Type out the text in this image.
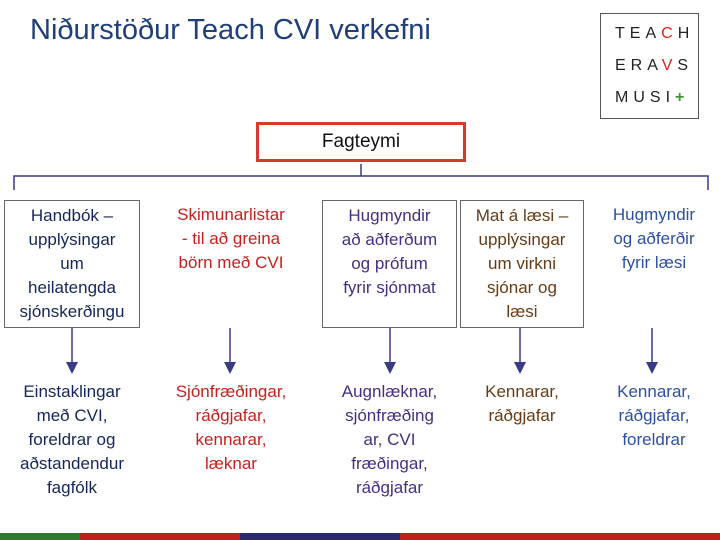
Niðurstöður Teach CVI verkefni	TEACH
ERAVS
MUSI+
Fagteymi
Handbók –
upplýsingar
um
heilatengda
sjónskerðingu
Skimunarlistar
- til að greina
börn með CVI
Hugmyndir
að aðferðum
og prófum
fyrir sjónmat
Mat á læsi –
upplýsingar
um virkni
sjónar og
læsi
Hugmyndir
og aðferðir
fyrir læsi
Einstaklingar
með CVI,
foreldrar og
aðstandendur
fagfólk
Sjónfræðingar,
ráðgjafar,
kennarar,
læknar
Augnlæknar,
sjónfræðing
ar, CVI
fræðingar,
ráðgjafar
Kennarar,
ráðgjafar
Kennarar,
ráðgjafar,
foreldrar
